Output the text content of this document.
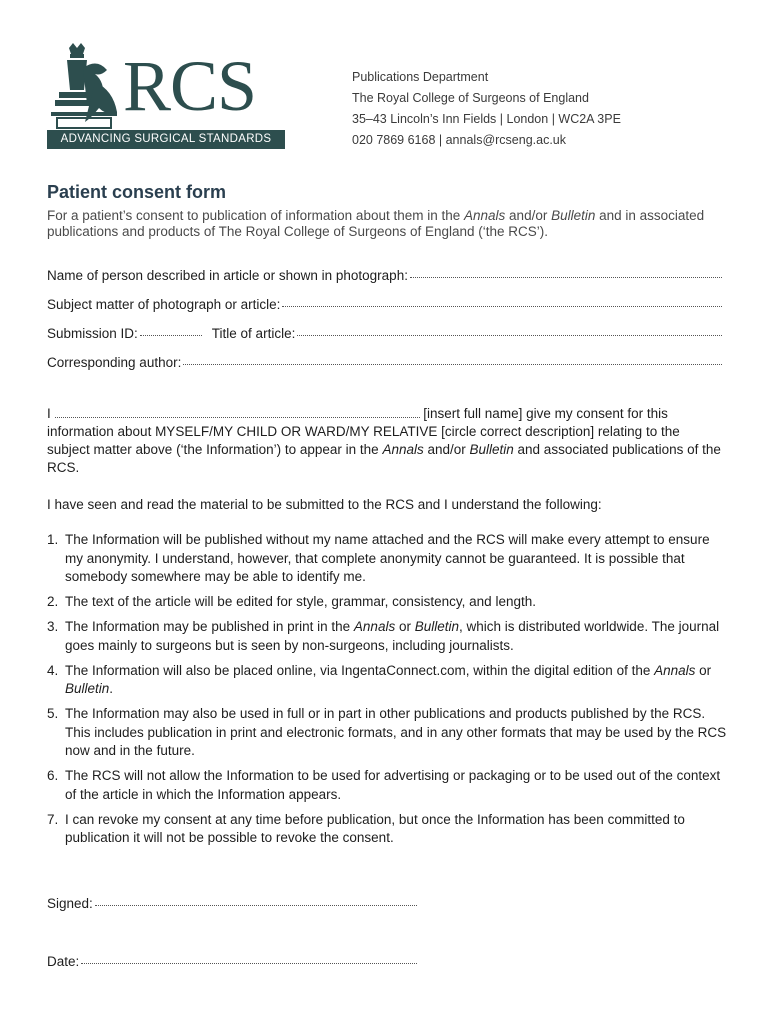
RCS
ADVANCING SURGICAL STANDARDS
Publications Department
The Royal College of Surgeons of England
35–43 Lincoln’s Inn Fields | London | WC2A 3PE
020 7869 6168 | annals@rcseng.ac.uk
Patient consent form
For a patient’s consent to publication of information about them in the Annals and/or Bulletin and in associated publications and products of The Royal College of Surgeons of England (‘the RCS’).
Name of person described in article or shown in photograph:
Subject matter of photograph or article:
Submission ID:	Title of article:
Corresponding author:
I	[insert full name] give my consent for this information about MYSELF/MY CHILD OR WARD/MY RELATIVE [circle correct description] relating to the subject matter above (‘the Information’) to appear in the Annals and/or Bulletin and associated publications of the RCS.
I have seen and read the material to be submitted to the RCS and I understand the following:
1. The Information will be published without my name attached and the RCS will make every attempt to ensure my anonymity. I understand, however, that complete anonymity cannot be guaranteed. It is possible that somebody somewhere may be able to identify me.
2. The text of the article will be edited for style, grammar, consistency, and length.
3. The Information may be published in print in the Annals or Bulletin, which is distributed worldwide. The journal goes mainly to surgeons but is seen by non-surgeons, including journalists.
4. The Information will also be placed online, via IngentaConnect.com, within the digital edition of the Annals or Bulletin.
5. The Information may also be used in full or in part in other publications and products published by the RCS. This includes publication in print and electronic formats, and in any other formats that may be used by the RCS now and in the future.
6. The RCS will not allow the Information to be used for advertising or packaging or to be used out of the context of the article in which the Information appears.
7. I can revoke my consent at any time before publication, but once the Information has been committed to publication it will not be possible to revoke the consent.
Signed:
Date:
